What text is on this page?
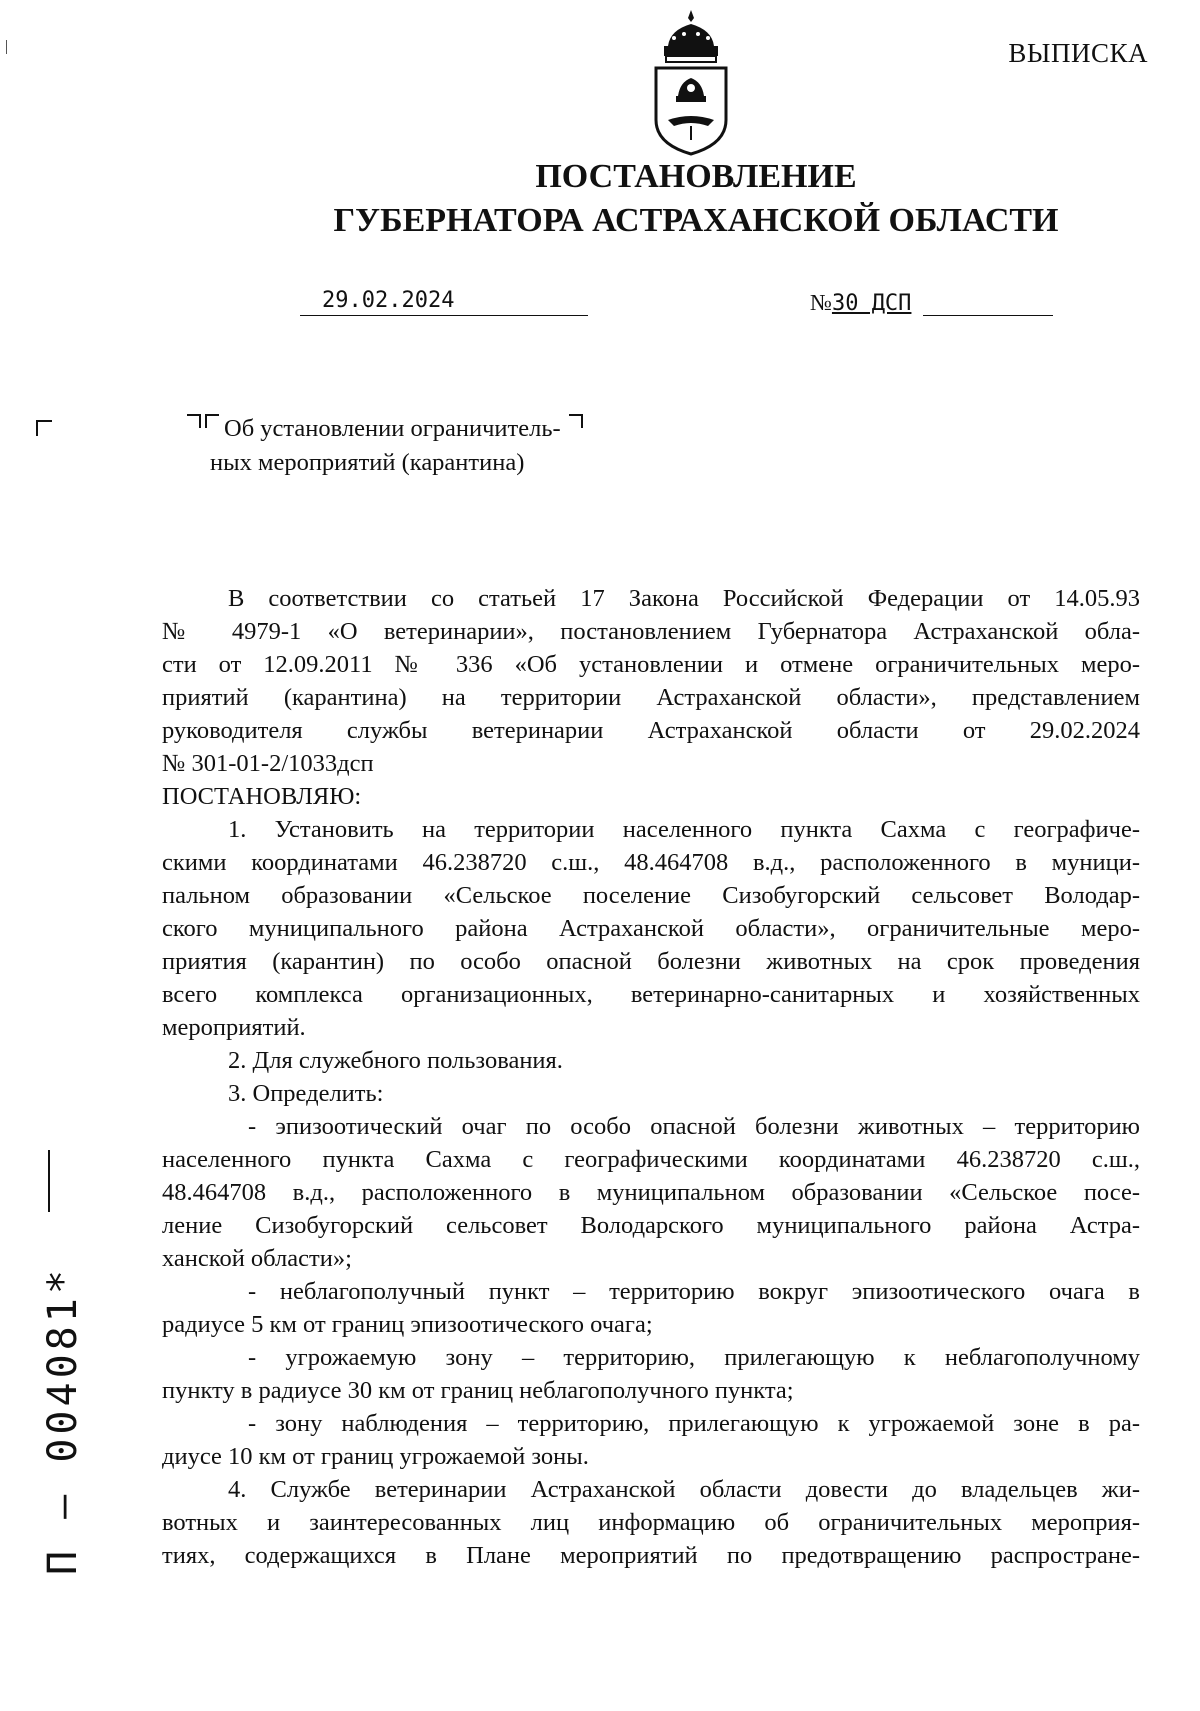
ВЫПИСКА
ПОСТАНОВЛЕНИЕ
ГУБЕРНАТОРА АСТРАХАНСКОЙ ОБЛАСТИ
29.02.2024	№30 ДСП
Об установлении ограничитель-
ных мероприятий (карантина)

В соответствии со статьей 17 Закона Российской Федерации от 14.05.93

№ 4979-1 «О ветеринарии», постановлением Губернатора Астраханской обла-

сти от 12.09.2011 № 336 «Об установлении и отмене ограничительных меро-

приятий (карантина) на территории Астраханской области», представлением

руководителя службы ветеринарии Астраханской области от 29.02.2024

№ 301-01-2/1033дсп

ПОСТАНОВЛЯЮ:

1. Установить на территории населенного пункта Сахма с географиче-

скими координатами 46.238720 с.ш., 48.464708 в.д., расположенного в муници-

пальном образовании «Сельское поселение Сизобугорский сельсовет Володар-

ского муниципального района Астраханской области», ограничительные меро-

приятия (карантин) по особо опасной болезни животных на срок проведения

всего комплекса организационных, ветеринарно-санитарных и хозяйственных

мероприятий.

2. Для служебного пользования.

3. Определить:

- эпизоотический очаг по особо опасной болезни животных – территорию

населенного пункта Сахма с географическими координатами 46.238720 с.ш.,

48.464708 в.д., расположенного в муниципальном образовании «Сельское посе-

ление Сизобугорский сельсовет Володарского муниципального района Астра-

ханской области»;

- неблагополучный пункт – территорию вокруг эпизоотического очага в

радиусе 5 км от границ эпизоотического очага;

- угрожаемую зону – территорию, прилегающую к неблагополучному

пункту в радиусе 30 км от границ неблагополучного пункта;

- зону наблюдения – территорию, прилегающую к угрожаемой зоне в ра-

диусе 10 км от границ угрожаемой зоны.

4. Службе ветеринарии Астраханской области довести до владельцев жи-

вотных и заинтересованных лиц информацию об ограничительных мероприя-

тиях, содержащихся в Плане мероприятий по предотвращению распростране-

П – 004081*
